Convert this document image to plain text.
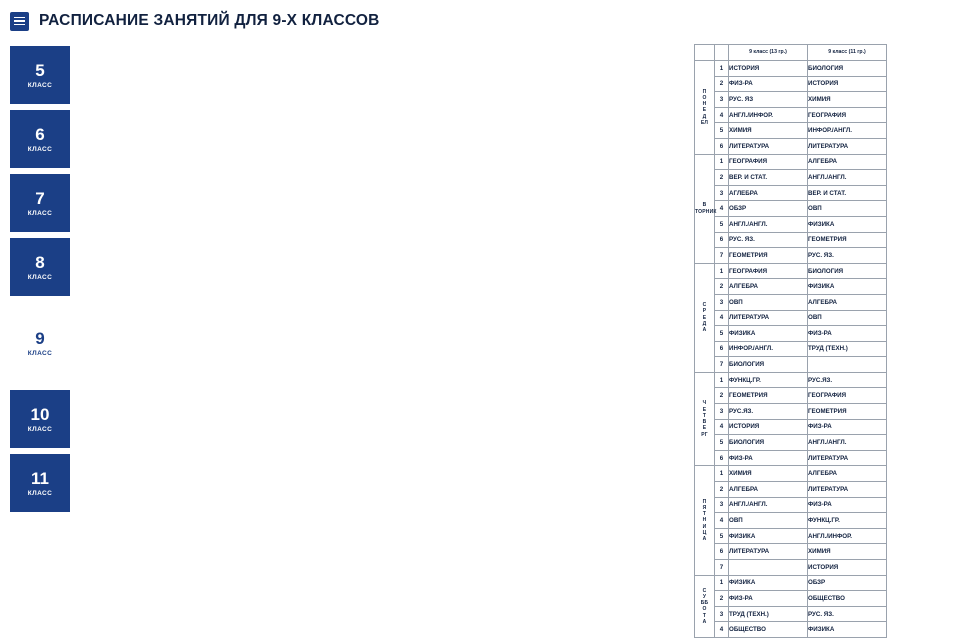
РАСПИСАНИЕ ЗАНЯТИЙ ДЛЯ 9-Х КЛАССОВ
5
КЛАСС
6
КЛАСС
7
КЛАСС
8
КЛАСС
9
КЛАСС
10
КЛАСС
11
КЛАСС
		9 класс (13 гр.)	9 класс (11 гр.)

П
О
Н
Е
Д
ЕЛ
	1	ИСТОРИЯ	БИОЛОГИЯ
	2	ФИЗ-РА	ИСТОРИЯ
	3	РУС. ЯЗ	ХИМИЯ
	4	АНГЛ./ИНФОР.	ГЕОГРАФИЯ
	5	ХИМИЯ	ИНФОР./АНГЛ.
	6	ЛИТЕРАТУРА	ЛИТЕРАТУРА

В
ТОРНИК	1	ГЕОГРАФИЯ	АЛГЕБРА
	2	ВЕР. И СТАТ.	АНГЛ./АНГЛ.
	3	АГЛЕБРА	ВЕР. И СТАТ.
	4	ОБЗР	ОВП
	5	АНГЛ./АНГЛ.	ФИЗИКА
	6	РУС. ЯЗ.	ГЕОМЕТРИЯ
	7	ГЕОМЕТРИЯ	РУС. ЯЗ.

С
Р
Е
Д
А	1	ГЕОГРАФИЯ	БИОЛОГИЯ
	2	АЛГЕБРА	ФИЗИКА
	3	ОВП	АЛГЕБРА
	4	ЛИТЕРАТУРА	ОВП
	5	ФИЗИКА	ФИЗ-РА
	6	ИНФОР./АНГЛ.	ТРУД (ТЕХН.)
	7	БИОЛОГИЯ	

Ч
Е
Т
В
Е
РГ
	1	ФУНКЦ.ГР.	РУС.ЯЗ.
	2	ГЕОМЕТРИЯ	ГЕОГРАФИЯ
	3	РУС.ЯЗ.	ГЕОМЕТРИЯ
	4	ИСТОРИЯ	ФИЗ-РА
	5	БИОЛОГИЯ	АНГЛ./АНГЛ.
	6	ФИЗ-РА	ЛИТЕРАТУРА

П
Я
Т
Н
И
Ц
А
	1	ХИМИЯ	АЛГЕБРА
	2	АЛГЕБРА	ЛИТЕРАТУРА
	3	АНГЛ./АНГЛ.	ФИЗ-РА
	4	ОВП	ФУНКЦ.ГР.
	5	ФИЗИКА	АНГЛ./ИНФОР.
	6	ЛИТЕРАТУРА	ХИМИЯ
	7		ИСТОРИЯ

С
У
ББ
О
Т
А
	1	ФИЗИКА	ОБЗР
	2	ФИЗ-РА	ОБЩЕСТВО
	3	ТРУД (ТЕХН.)	РУС. ЯЗ.
	4	ОБЩЕСТВО	ФИЗИКА
